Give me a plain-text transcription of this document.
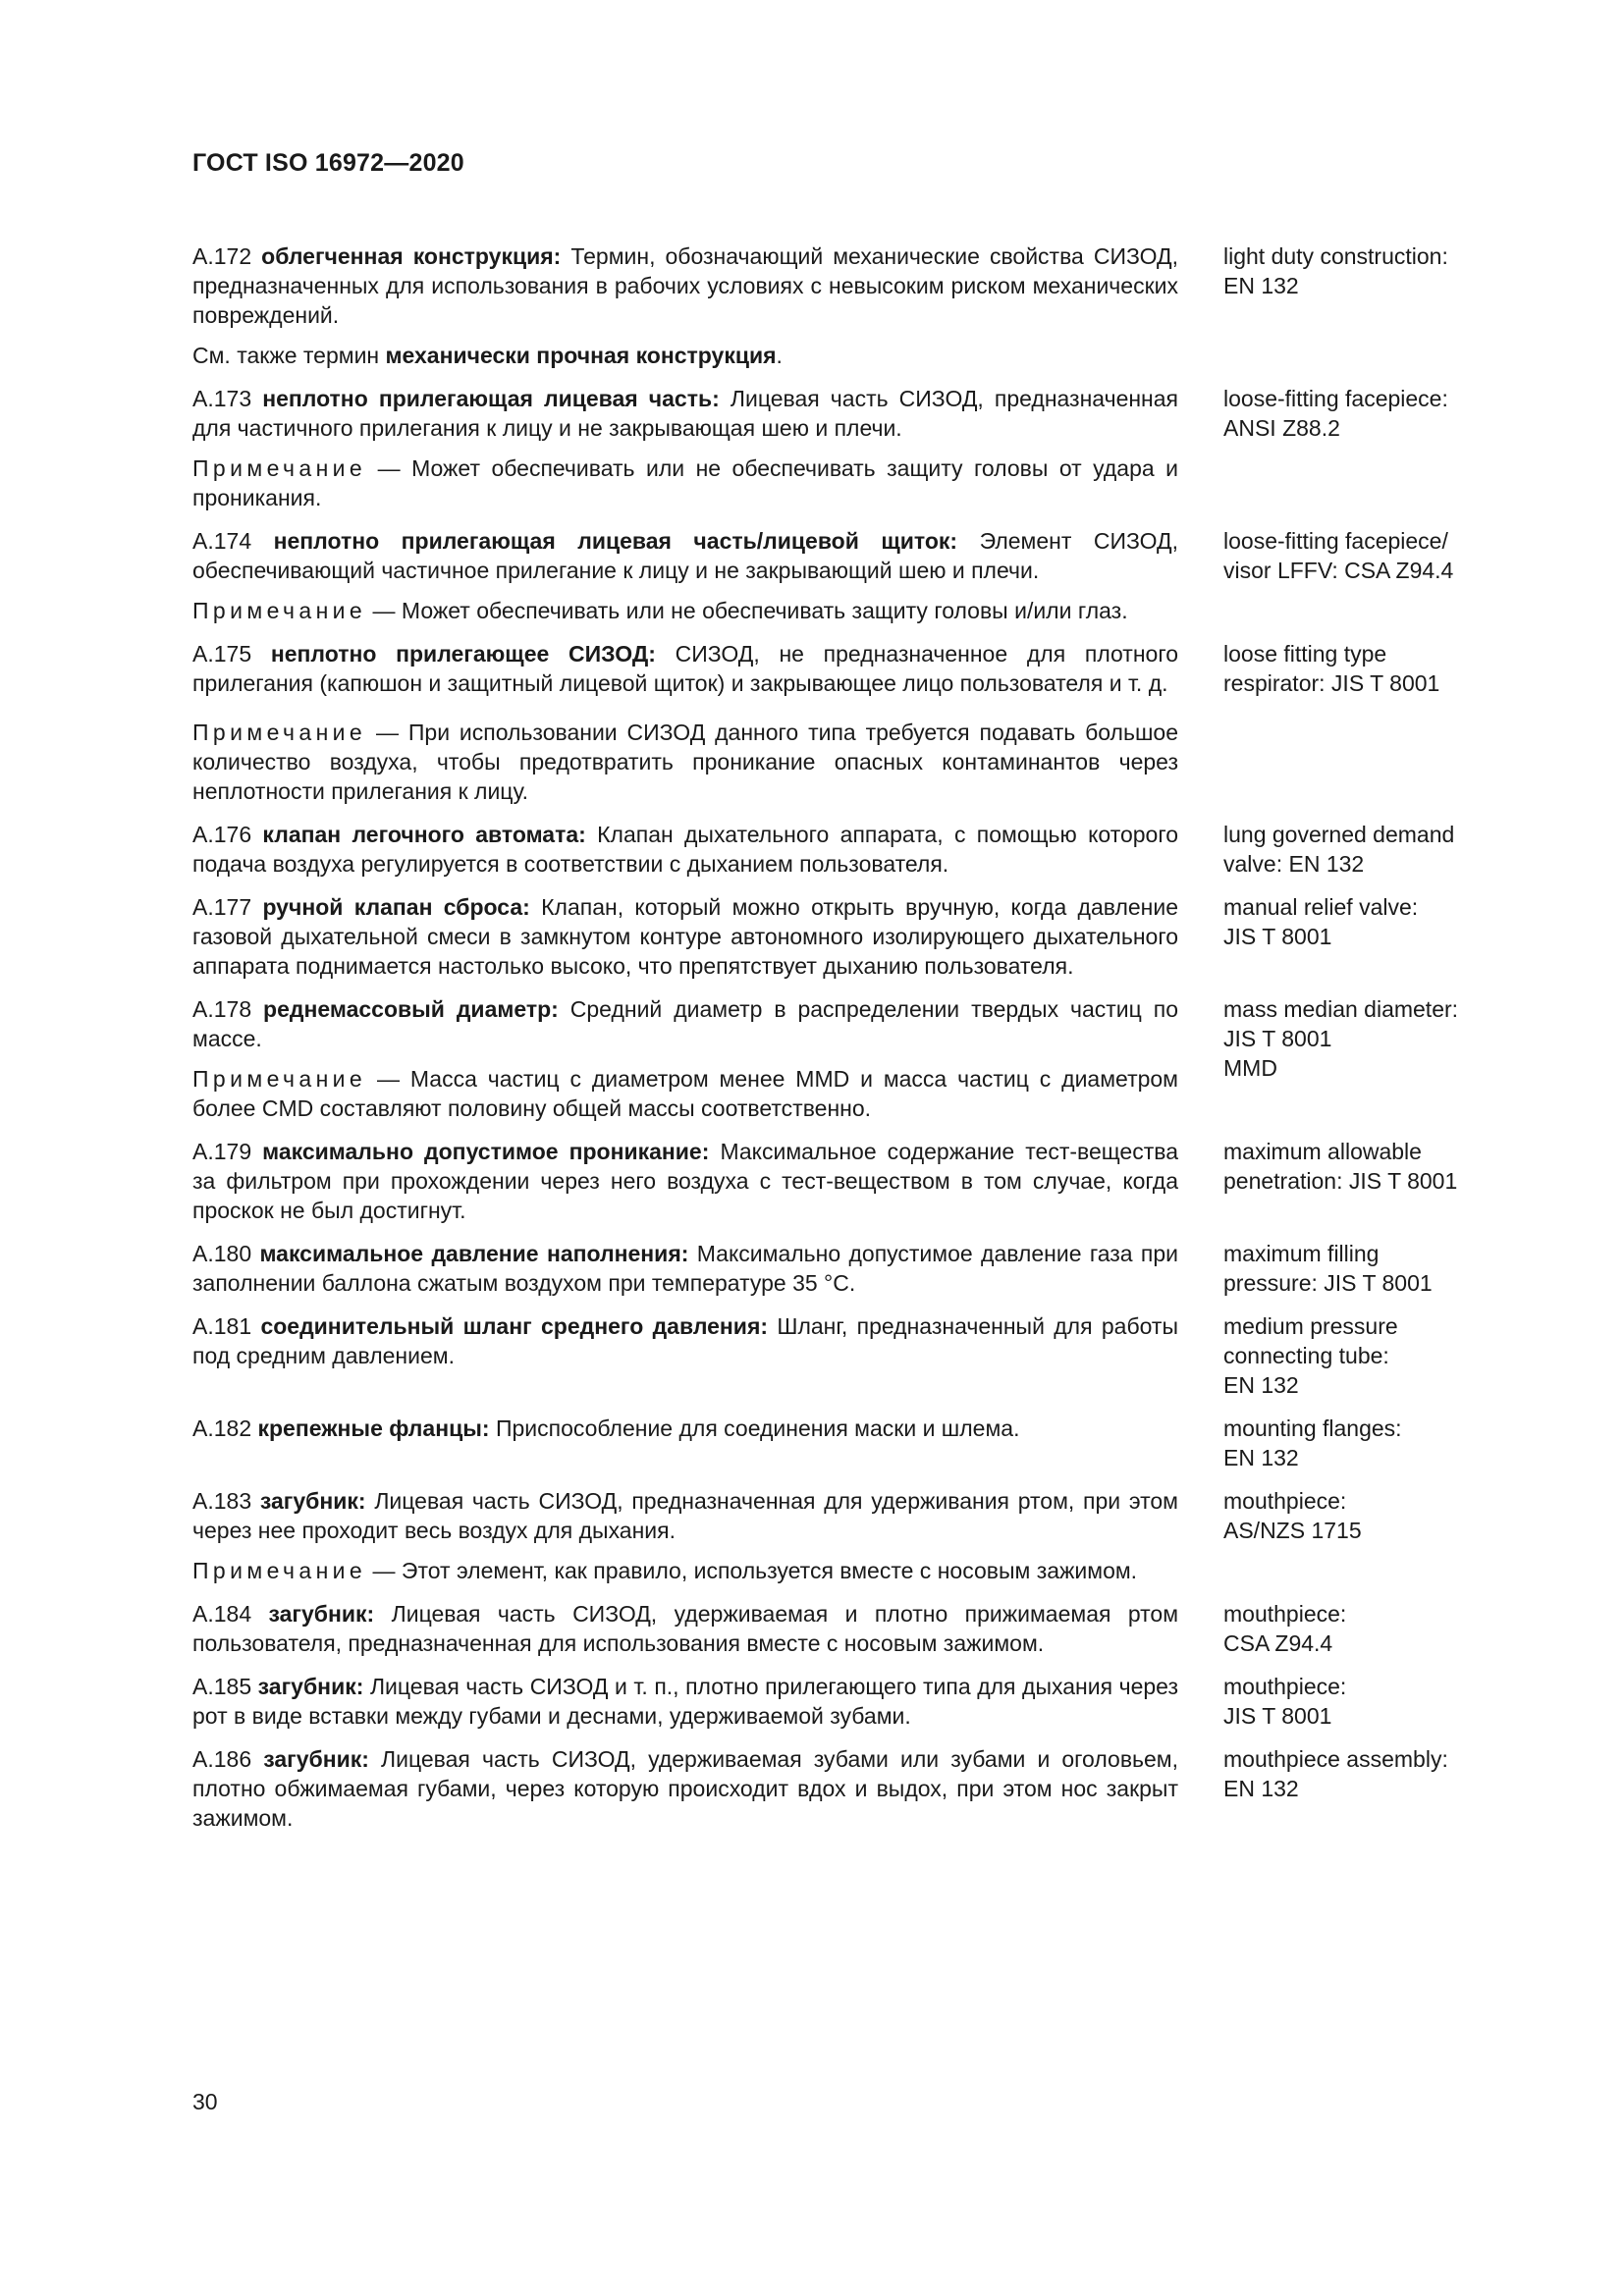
ГОСТ ISO 16972—2020

А.172 облегченная конструкция: Термин, обозначающий механические свойства СИЗОД, предназначенных для использования в рабочих условиях с невысоким риском механических повреждений.

См. также термин механически прочная конструкция.

light duty construction:
EN 132

А.173 неплотно прилегающая лицевая часть: Лицевая часть СИЗОД, предназначенная для частичного прилегания к лицу и не закрывающая шею и плечи.

Примечание — Может обеспечивать или не обеспечивать защиту головы от удара и проникания.

loose-fitting facepiece:
ANSI Z88.2

А.174 неплотно прилегающая лицевая часть/лицевой щиток: Элемент СИЗОД, обеспечивающий частичное прилегание к лицу и не закрывающий шею и плечи.

Примечание — Может обеспечивать или не обеспечивать защиту головы и/или глаз.

loose-fitting facepiece/
visor LFFV: CSA Z94.4

А.175 неплотно прилегающее СИЗОД: СИЗОД, не предназначенное для плотного прилегания (капюшон и защитный лицевой щиток) и закрывающее лицо пользователя и т. д.

Примечание — При использовании СИЗОД данного типа требуется подавать большое количество воздуха, чтобы предотвратить проникание опасных контаминантов через неплотности прилегания к лицу.

loose fitting type
respirator: JIS T 8001

А.176 клапан легочного автомата: Клапан дыхательного аппарата, с помощью которого подача воздуха регулируется в соответствии с дыханием пользователя.

lung governed demand
valve: EN 132

А.177 ручной клапан сброса: Клапан, который можно открыть вручную, когда давление газовой дыхательной смеси в замкнутом контуре автономного изолирующего дыхательного аппарата поднимается настолько высоко, что препятствует дыханию пользователя.

manual relief valve:
JIS T 8001

А.178 реднемассовый диаметр: Средний диаметр в распределении твердых частиц по массе.

Примечание — Масса частиц с диаметром менее MMD и масса частиц с диаметром более CMD составляют половину общей массы соответственно.

mass median diameter:
JIS T 8001
MMD

А.179 максимально допустимое проникание: Максимальное содержание тест-вещества за фильтром при прохождении через него воздуха с тест-веществом в том случае, когда проскок не был достигнут.

maximum allowable
penetration: JIS T 8001

А.180 максимальное давление наполнения: Максимально допустимое давление газа при заполнении баллона сжатым воздухом при температуре 35 °С.

maximum filling
pressure: JIS T 8001

А.181 соединительный шланг среднего давления: Шланг, предназначенный для работы под средним давлением.

medium pressure
connecting tube:
EN 132

А.182 крепежные фланцы: Приспособление для соединения маски и шлема.	mounting flanges:
EN 132

А.183 загубник: Лицевая часть СИЗОД, предназначенная для удерживания ртом, при этом через нее проходит весь воздух для дыхания.

Примечание — Этот элемент, как правило, используется вместе с носовым зажимом.

mouthpiece:
AS/NZS 1715

А.184 загубник: Лицевая часть СИЗОД, удерживаемая и плотно прижимаемая ртом пользователя, предназначенная для использования вместе с носовым зажимом.

mouthpiece:
CSA Z94.4

А.185 загубник: Лицевая часть СИЗОД и т. п., плотно прилегающего типа для дыхания через рот в виде вставки между губами и деснами, удерживаемой зубами.

mouthpiece:
JIS T 8001

А.186 загубник: Лицевая часть СИЗОД, удерживаемая зубами или зубами и оголовьем, плотно обжимаемая губами, через которую происходит вдох и выдох, при этом нос закрыт зажимом.

mouthpiece assembly:
EN 132
30
